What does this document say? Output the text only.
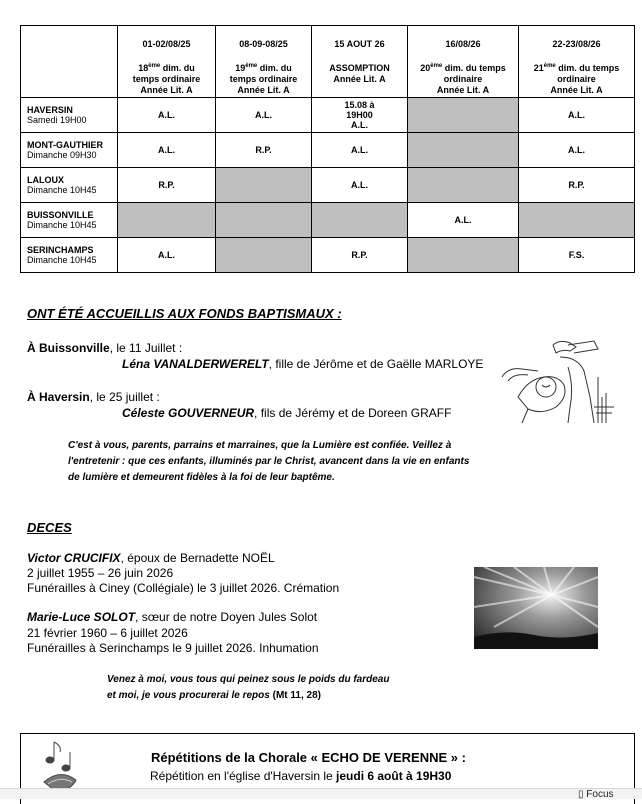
	01-02/08/25
18ème dim. du
temps ordinaire
Année Lit. A	08-09-08/25
19ème dim. du
temps ordinaire
Année Lit. A	15 AOUT 26
ASSOMPTION
Année Lit. A	16/08/26
20ème dim. du temps
ordinaire
Année Lit. A	22-23/08/26
21ème dim. du temps
ordinaire
Année Lit. A

HAVERSIN
Samedi 19H00	A.L.	A.L.	15.08 à
19H00
A.L.		A.L.

MONT-GAUTHIER
Dimanche 09H30	A.L.	R.P.	A.L.		A.L.

LALOUX
Dimanche 10H45	R.P.		A.L.		R.P.

BUISSONVILLE
Dimanche 10H45				A.L.	

SERINCHAMPS
Dimanche 10H45	A.L.		R.P.		F.S.
ONT ÉTÉ ACCUEILLIS AUX FONDS BAPTISMAUX :
À Buissonville, le 11 Juillet :
Léna VANALDERWERELT, fille de Jérôme et de Gaëlle MARLOYE
À Haversin, le 25 juillet :
Céleste GOUVERNEUR, fils de Jérémy et de Doreen GRAFF
C'est à vous, parents, parrains et marraines, que la Lumière est confiée. Veillez à
l'entretenir : que ces enfants, illuminés par le Christ, avancent dans la vie en enfants
de lumière et demeurent fidèles à la foi de leur baptême.
DECES
Victor CRUCIFIX, époux de Bernadette NOËL
2 juillet 1955 – 26 juin 2026
Funérailles à Ciney (Collégiale) le 3 juillet 2026. Crémation
Marie-Luce SOLOT, sœur de notre Doyen Jules Solot
21 février 1960 – 6 juillet 2026
Funérailles à Serinchamps le 9 juillet 2026. Inhumation
Venez à moi, vous tous qui peinez sous le poids du fardeau
et moi, je vous procurerai le repos (Mt 11, 28)
Répétitions de la Chorale « ECHO DE VERENNE » :
Répétition en l'église d'Haversin le jeudi 6 août à 19H30
▯ Focus
